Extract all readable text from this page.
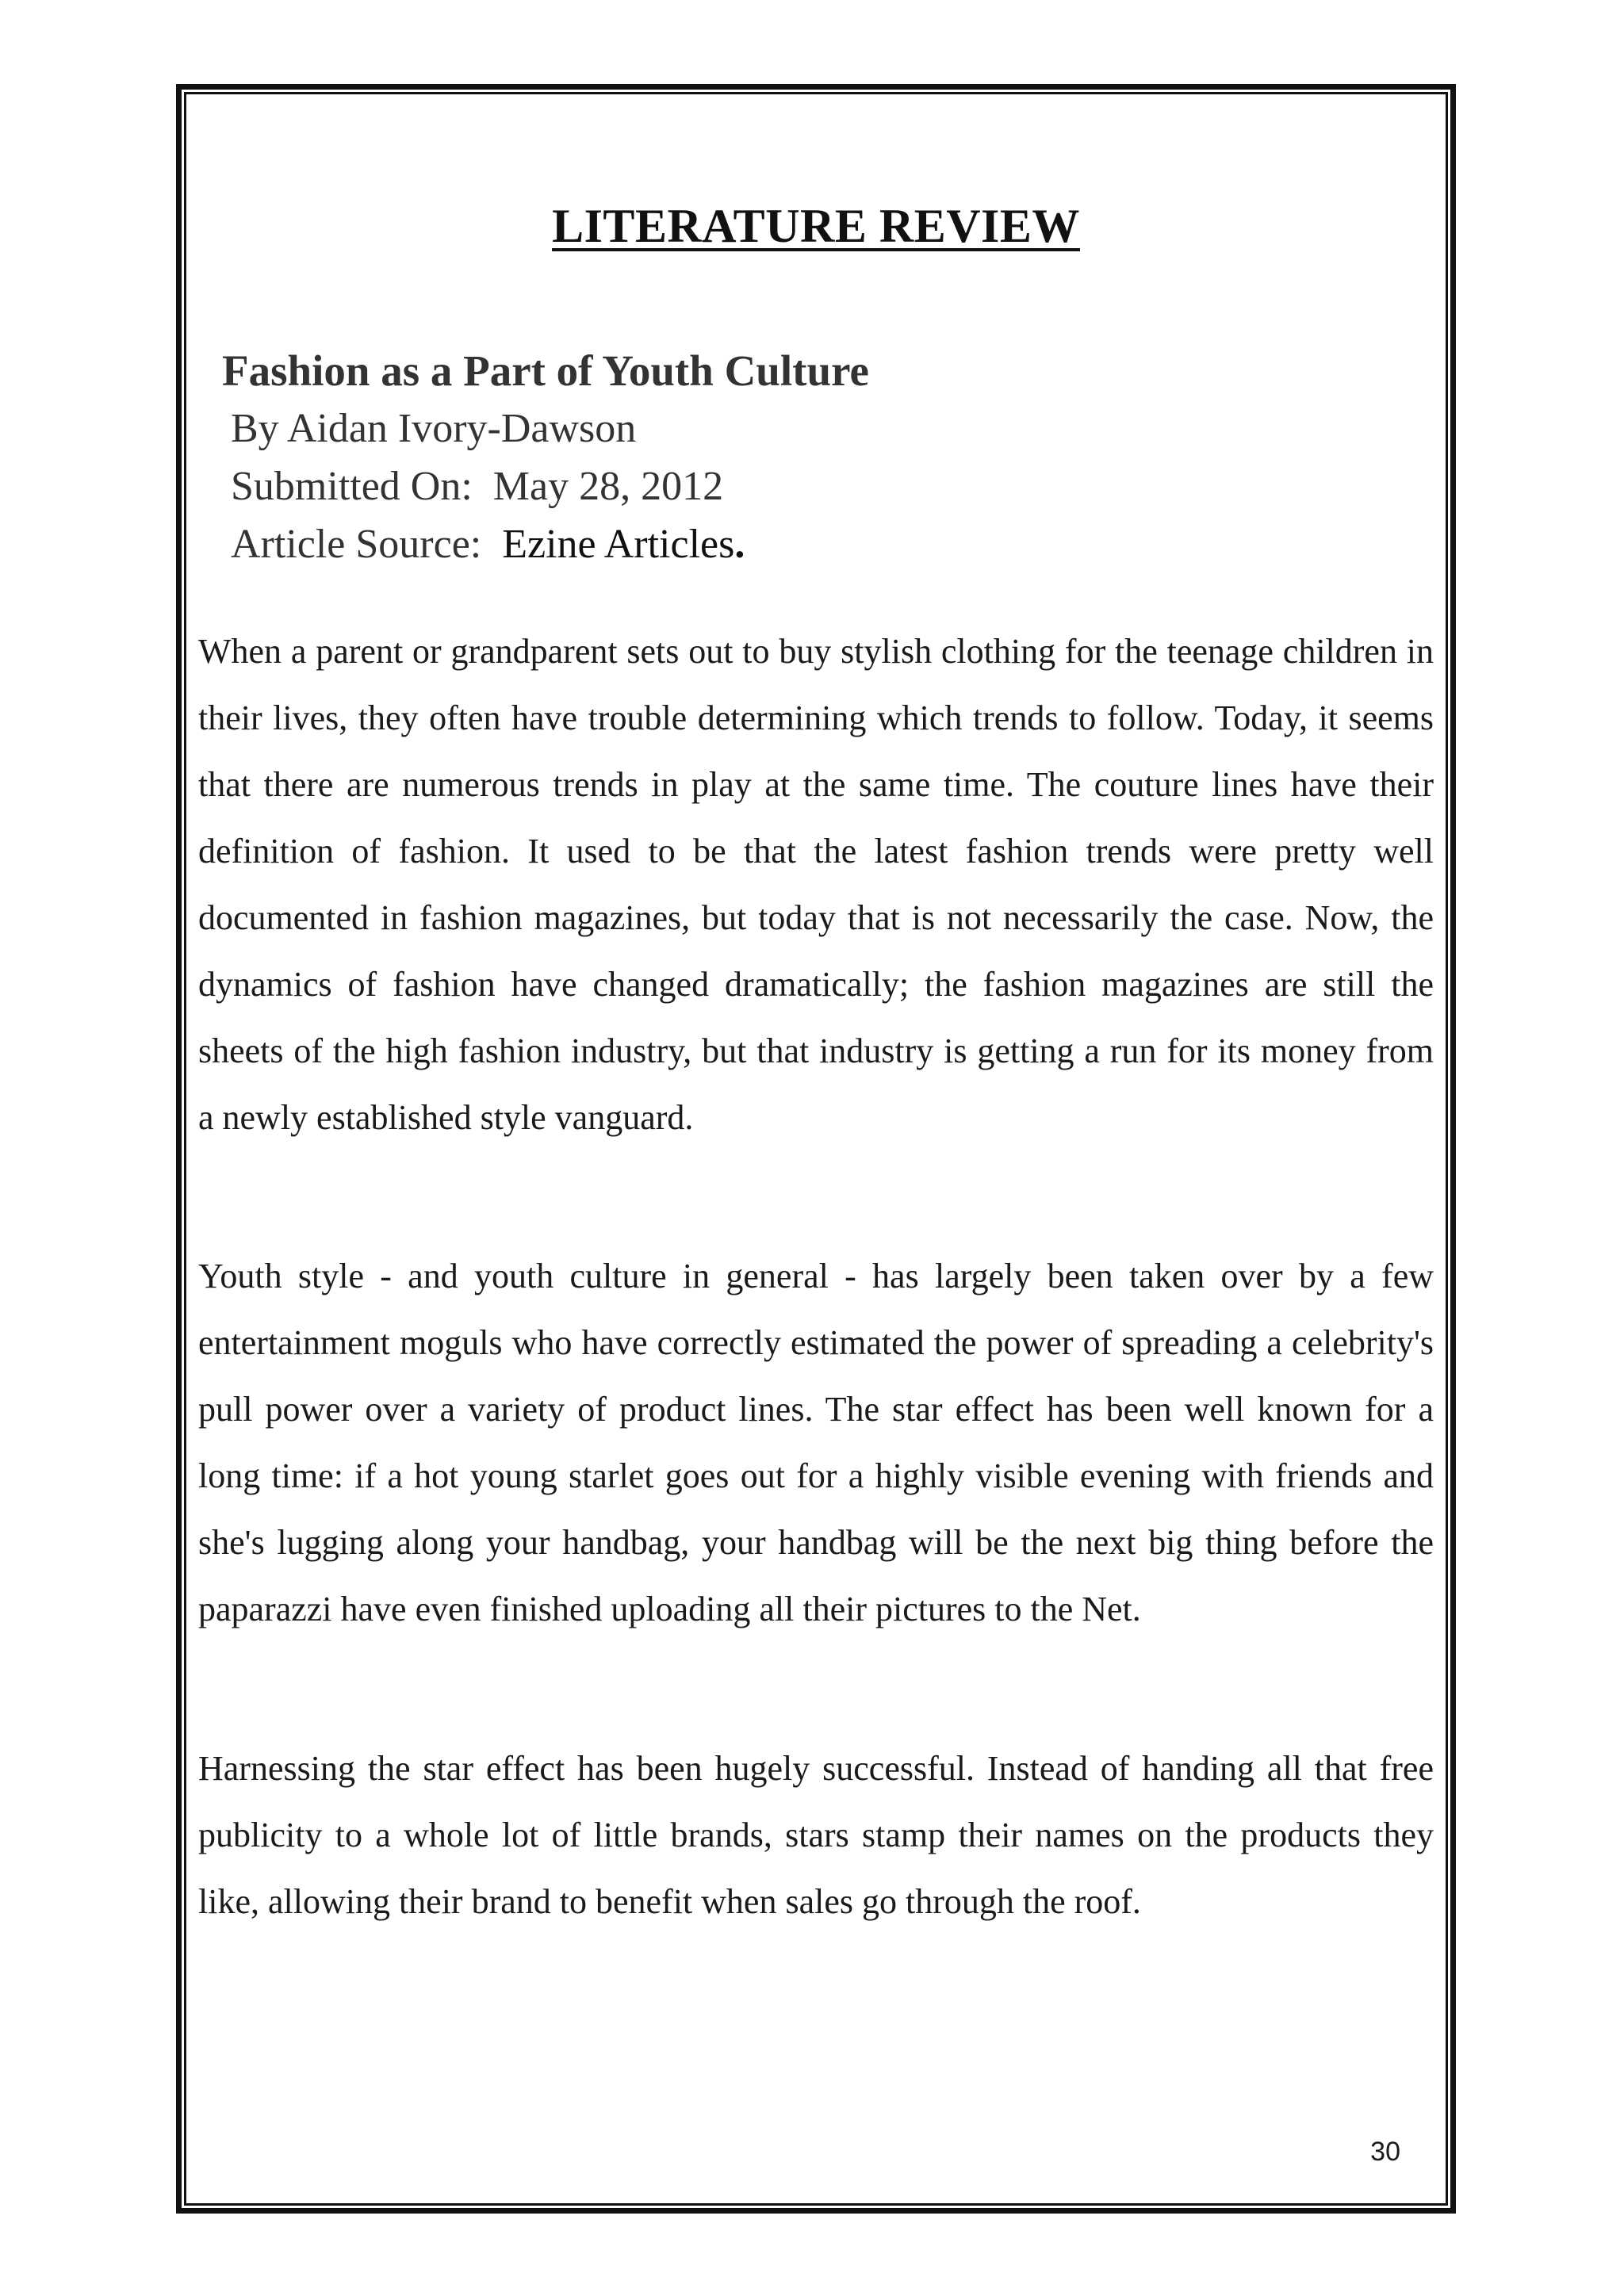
LITERATURE REVIEW
Fashion as a Part of Youth Culture
By Aidan Ivory-Dawson
Submitted On: May 28, 2012
Article Source: Ezine Articles.

When a parent or grandparent sets out to buy stylish clothing for the teenage children in their lives, they often have trouble determining which trends to follow. Today, it seems that there are numerous trends in play at the same time. The couture lines have their definition of fashion. It used to be that the latest fashion trends were pretty well documented in fashion magazines, but today that is not necessarily the case. Now, the dynamics of fashion have changed dramatically; the fashion magazines are still the sheets of the high fashion industry, but that industry is getting a run for its money from a newly established style vanguard.

Youth style - and youth culture in general - has largely been taken over by a few entertainment moguls who have correctly estimated the power of spreading a celebrity's pull power over a variety of product lines. The star effect has been well known for a long time: if a hot young starlet goes out for a highly visible evening with friends and she's lugging along your handbag, your handbag will be the next big thing before the paparazzi have even finished uploading all their pictures to the Net.

Harnessing the star effect has been hugely successful. Instead of handing all that free publicity to a whole lot of little brands, stars stamp their names on the products they like, allowing their brand to benefit when sales go through the roof.

30
